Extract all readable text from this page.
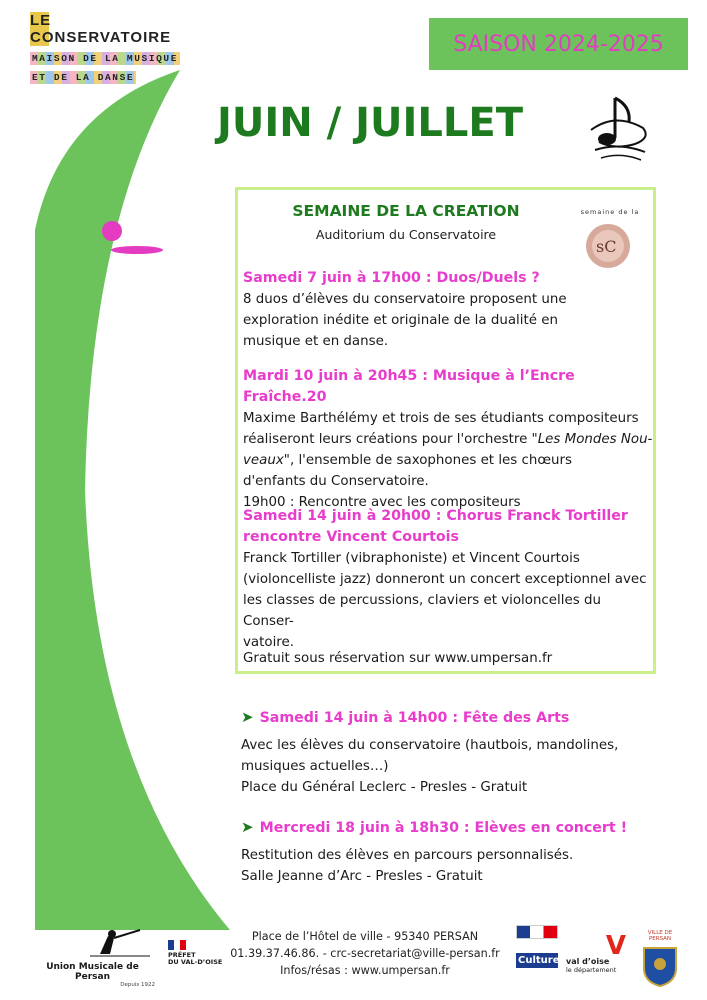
LE CONSERVATOIRE
MAISON DE LA MUSIQUE
ET DE LA DANSE
SAISON 2024-2025
JUIN / JUILLET
SEMAINE DE LA CREATION
Auditorium du Conservatoire
sC
semaine de la
Samedi 7 juin à 17h00 : Duos/Duels ?
8 duos d’élèves du conservatoire proposent une
exploration inédite et originale de la dualité en
musique et en danse.
Mardi 10 juin à 20h45 : Musique à l’Encre Fraîche.20
Maxime Barthélémy et trois de ses étudiants compositeurs
réaliseront leurs créations pour l'orchestre "Les Mondes Nou-
veaux", l'ensemble de saxophones et les chœurs
d'enfants du Conservatoire.
19h00 : Rencontre avec les compositeurs
Samedi 14 juin à 20h00 : Chorus Franck Tortiller
rencontre Vincent Courtois
Franck Tortiller (vibraphoniste) et Vincent Courtois
(violoncelliste jazz) donneront un concert exceptionnel avec
les classes de percussions, claviers et violoncelles du Conser-
vatoire.
Gratuit sous réservation sur www.umpersan.fr
➤ Samedi 14 juin à 14h00 : Fête des Arts
Avec les élèves du conservatoire (hautbois, mandolines,
musiques actuelles…)
Place du Général Leclerc - Presles - Gratuit
➤ Mercredi 18 juin à 18h30 : Elèves en concert !
Restitution des élèves en parcours personnalisés.
Salle Jeanne d’Arc - Presles - Gratuit
Union Musicale de Persan
Depuis 1922
PRÉFET
DU VAL-D’OISE
Place de l’Hôtel de ville - 95340 PERSAN
01.39.37.46.86. - crc-secretariat@ville-persan.fr
Infos/résas : www.umpersan.fr
Culture	V
val d’oise
le département
VILLE DE PERSAN
